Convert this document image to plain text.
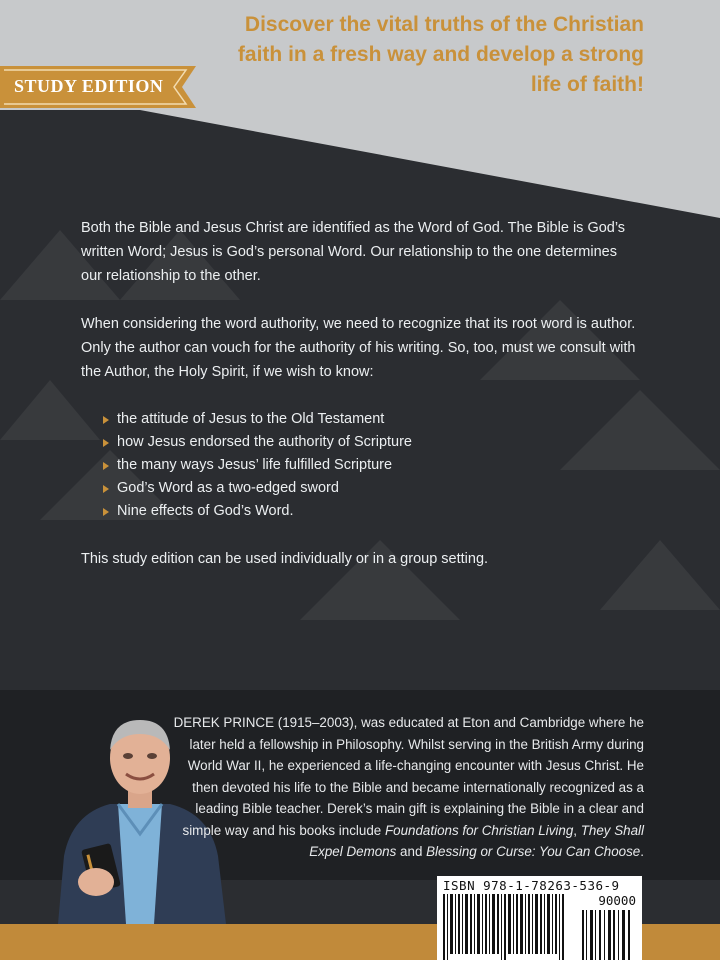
Discover the vital truths of the Christian faith in a fresh way and develop a strong life of faith!

STUDY EDITION

Both the Bible and Jesus Christ are identified as the Word of God. The Bible is God’s written Word; Jesus is God’s personal Word. Our relationship to the one determines our relationship to the other.

When considering the word authority, we need to recognize that its root word is author. Only the author can vouch for the authority of his writing. So, too, must we consult with the Author, the Holy Spirit, if we wish to know:

the attitude of Jesus to the Old Testament
how Jesus endorsed the authority of Scripture
the many ways Jesus’ life fulfilled Scripture
God’s Word as a two-edged sword
Nine effects of God’s Word.

This study edition can be used individually or in a group setting.

DEREK PRINCE (1915–2003), was educated at Eton and Cambridge where he later held a fellowship in Philosophy. Whilst serving in the British Army during World War II, he experienced a life-changing encounter with Jesus Christ. He then devoted his life to the Bible and became internationally recognized as a leading Bible teacher. Derek’s main gift is explaining the Bible in a clear and simple way and his books include Foundations for Christian Living, They Shall Expel Demons and Blessing or Curse: You Can Choose.

ISBN 978-1-78263-536-9
90000
